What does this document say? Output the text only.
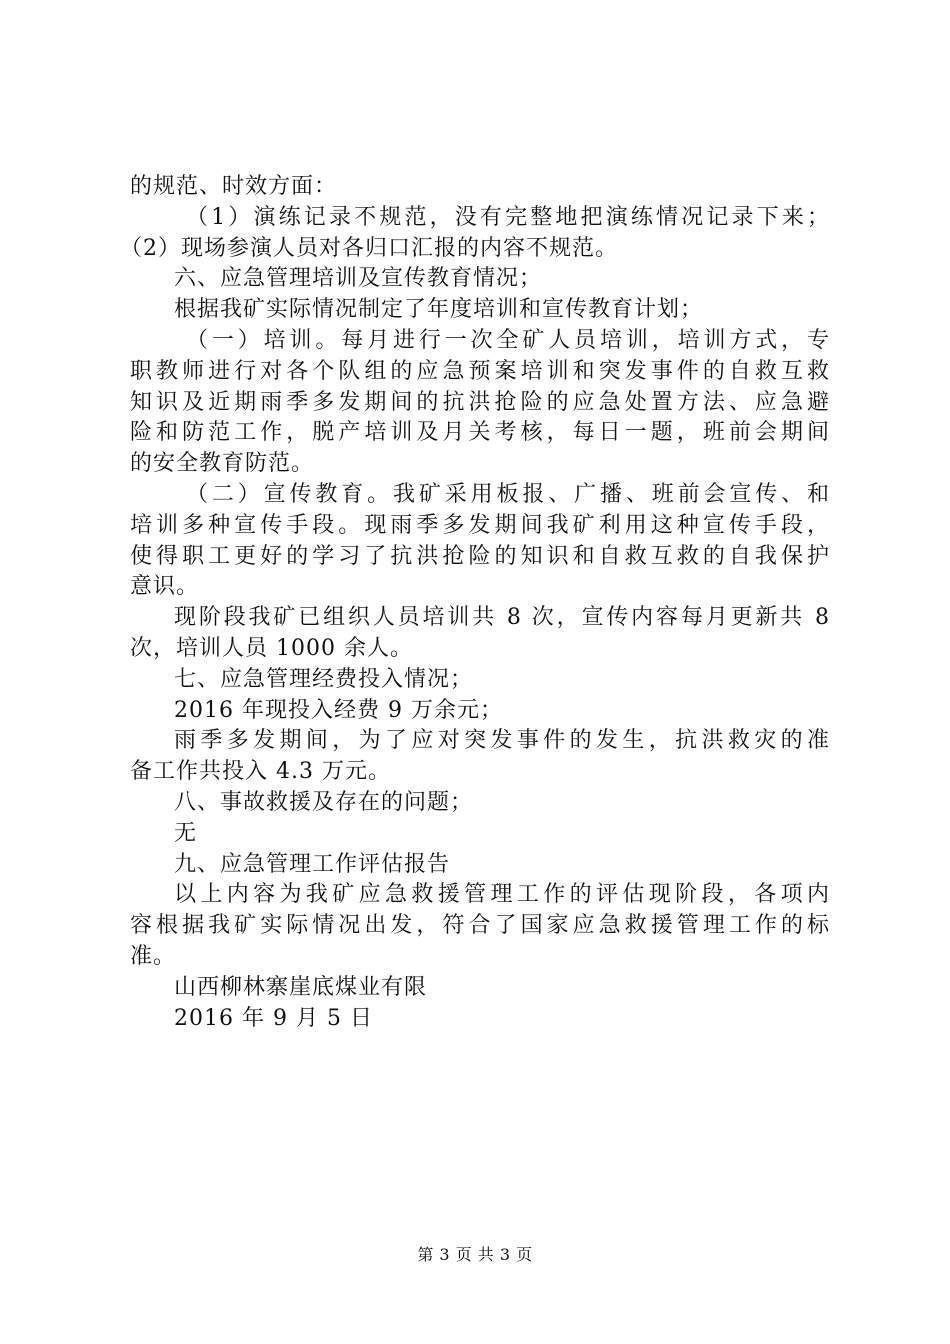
的规范、时效方面：
（1）演练记录不规范，没有完整地把演练情况记录下来；
（2）现场参演人员对各归口汇报的内容不规范。
六、应急管理培训及宣传教育情况；
根据我矿实际情况制定了年度培训和宣传教育计划；
（一）培训。每月进行一次全矿人员培训，培训方式，专
职教师进行对各个队组的应急预案培训和突发事件的自救互救
知识及近期雨季多发期间的抗洪抢险的应急处置方法、应急避
险和防范工作，脱产培训及月关考核，每日一题，班前会期间
的安全教育防范。
（二）宣传教育。我矿采用板报、广播、班前会宣传、和
培训多种宣传手段。现雨季多发期间我矿利用这种宣传手段，
使得职工更好的学习了抗洪抢险的知识和自救互救的自我保护
意识。
现阶段我矿已组织人员培训共 8 次，宣传内容每月更新共 8
次，培训人员 1000 余人。
七、应急管理经费投入情况；
2016 年现投入经费 9 万余元；
雨季多发期间，为了应对突发事件的发生，抗洪救灾的准
备工作共投入 4.3 万元。
八、事故救援及存在的问题；
无
九、应急管理工作评估报告
以上内容为我矿应急救援管理工作的评估现阶段，各项内
容根据我矿实际情况出发，符合了国家应急救援管理工作的标
准。
山西柳林寨崖底煤业有限
2016 年 9 月 5 日
第 3 页 共 3 页
